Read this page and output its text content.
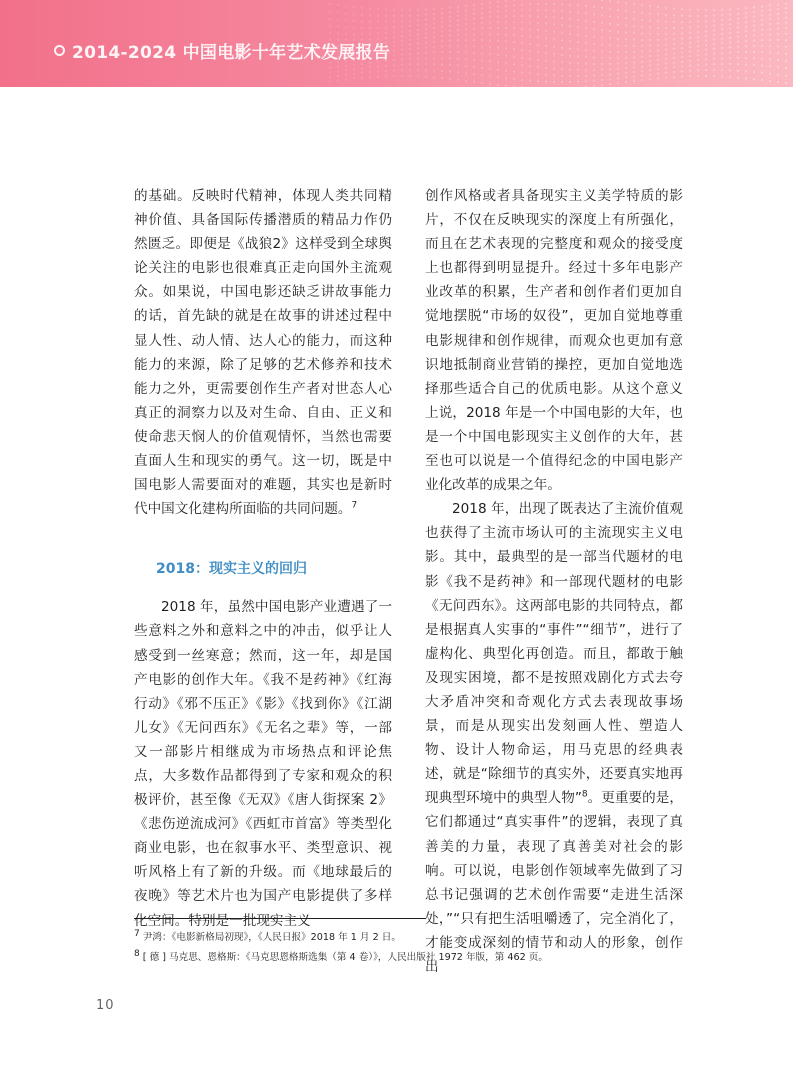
2014-2024 中国电影十年艺术发展报告

的基础。反映时代精神，体现人类共同精神价值、具备国际传播潜质的精品力作仍然匮乏。即便是《战狼2》这样受到全球舆论关注的电影也很难真正走向国外主流观众。如果说，中国电影还缺乏讲故事能力的话，首先缺的就是在故事的讲述过程中显人性、动人情、达人心的能力，而这种能力的来源，除了足够的艺术修养和技术能力之外，更需要创作生产者对世态人心真正的洞察力以及对生命、自由、正义和使命悲天悯人的价值观情怀，当然也需要直面人生和现实的勇气。这一切，既是中国电影人需要面对的难题，其实也是新时代中国文化建构所面临的共同问题。$^7$

2018：现实主义的回归

2018 年，虽然中国电影产业遭遇了一些意料之外和意料之中的冲击，似乎让人感受到一丝寒意；然而，这一年，却是国产电影的创作大年。《我不是药神》《红海行动》《邪不压正》《影》《找到你》《江湖儿女》《无问西东》《无名之辈》等，一部又一部影片相继成为市场热点和评论焦点，大多数作品都得到了专家和观众的积极评价，甚至像《无双》《唐人街探案 2》《悲伤逆流成河》《西虹市首富》等类型化商业电影，也在叙事水平、类型意识、视听风格上有了新的升级。而《地球最后的夜晚》等艺术片也为国产电影提供了多样化空间。特别是一批现实主义

创作风格或者具备现实主义美学特质的影片，不仅在反映现实的深度上有所强化，而且在艺术表现的完整度和观众的接受度上也都得到明显提升。经过十多年电影产业改革的积累，生产者和创作者们更加自觉地摆脱“市场的奴役”，更加自觉地尊重电影规律和创作规律，而观众也更加有意识地抵制商业营销的操控，更加自觉地选择那些适合自己的优质电影。从这个意义上说，2018 年是一个中国电影的大年，也是一个中国电影现实主义创作的大年，甚至也可以说是一个值得纪念的中国电影产业化改革的成果之年。

2018 年，出现了既表达了主流价值观也获得了主流市场认可的主流现实主义电影。其中，最典型的是一部当代题材的电影《我不是药神》和一部现代题材的电影《无问西东》。这两部电影的共同特点，都是根据真人实事的“事件”“细节”，进行了虚构化、典型化再创造。而且，都敢于触及现实困境，都不是按照戏剧化方式去夸大矛盾冲突和奇观化方式去表现故事场景，而是从现实出发刻画人性、塑造人物、设计人物命运，用马克思的经典表述，就是“除细节的真实外，还要真实地再现典型环境中的典型人物”$^8$。更重要的是，它们都通过“真实事件”的逻辑，表现了真善美的力量，表现了真善美对社会的影响。可以说，电影创作领域率先做到了习总书记强调的艺术创作需要“走进生活深处，”“只有把生活咀嚼透了，完全消化了，才能变成深刻的情节和动人的形象，创作出

$^7$ 尹鸿：《电影新格局初现》，《人民日报》2018 年 1 月 2 日。

$^8$ [ 德 ] 马克思、恩格斯：《马克思恩格斯选集（第 4 卷）》，人民出版社 1972 年版，第 462 页。

10
